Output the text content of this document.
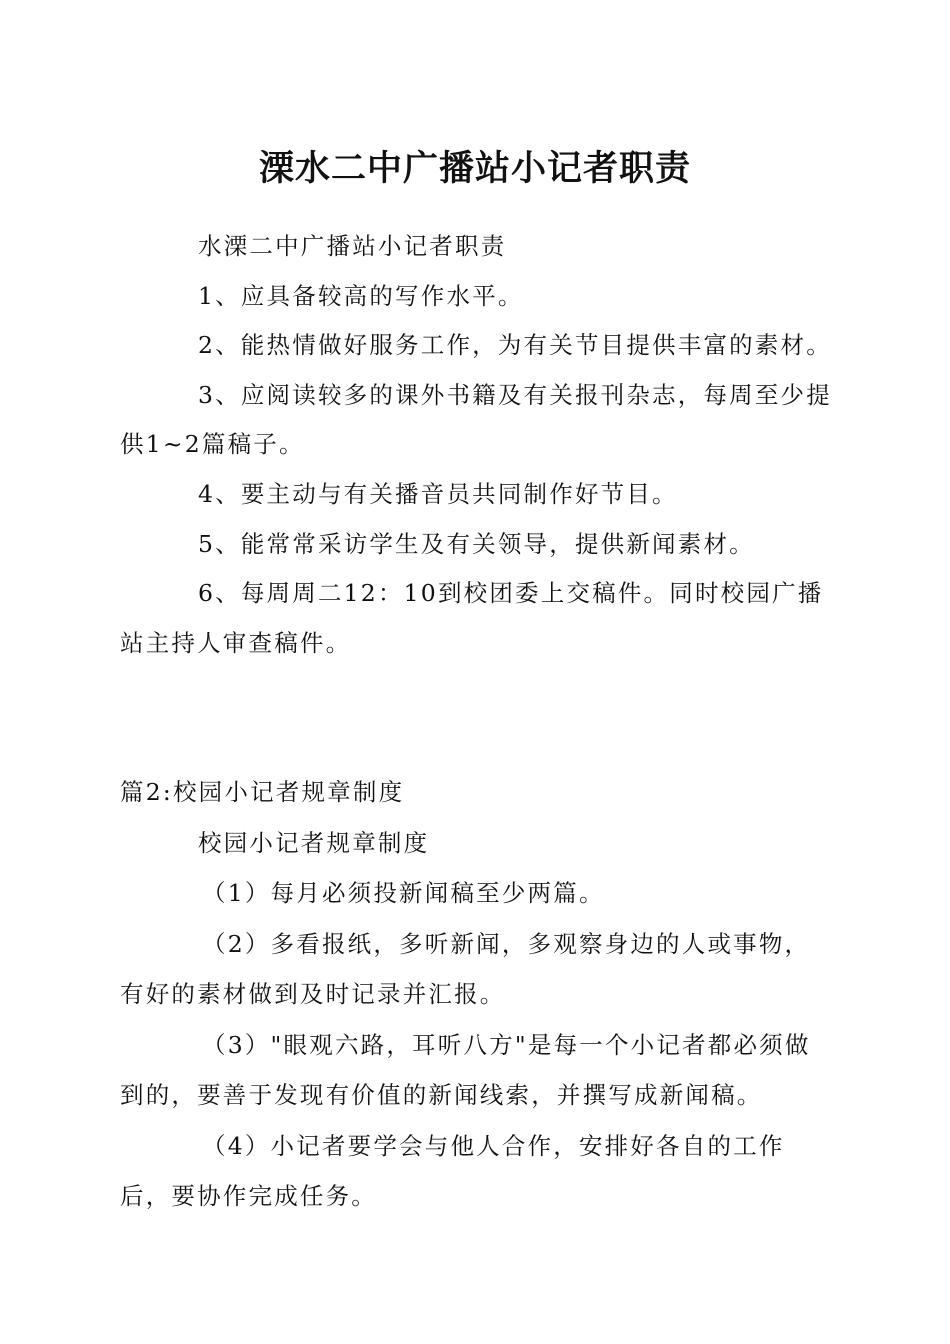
溧水二中广播站小记者职责

水溧二中广播站小记者职责

1、应具备较高的写作水平。

2、能热情做好服务工作，为有关节目提供丰富的素材。

3、应阅读较多的课外书籍及有关报刊杂志，每周至少提供1~2篇稿子。

4、要主动与有关播音员共同制作好节目。

5、能常常采访学生及有关领导，提供新闻素材。

6、每周周二12：10到校团委上交稿件。同时校园广播站主持人审查稿件。

篇2:校园小记者规章制度

校园小记者规章制度

（1）每月必须投新闻稿至少两篇。

（2）多看报纸，多听新闻，多观察身边的人或事物，有好的素材做到及时记录并汇报。

（3）"眼观六路，耳听八方"是每一个小记者都必须做到的，要善于发现有价值的新闻线索，并撰写成新闻稿。

（4）小记者要学会与他人合作，安排好各自的工作后，要协作完成任务。
